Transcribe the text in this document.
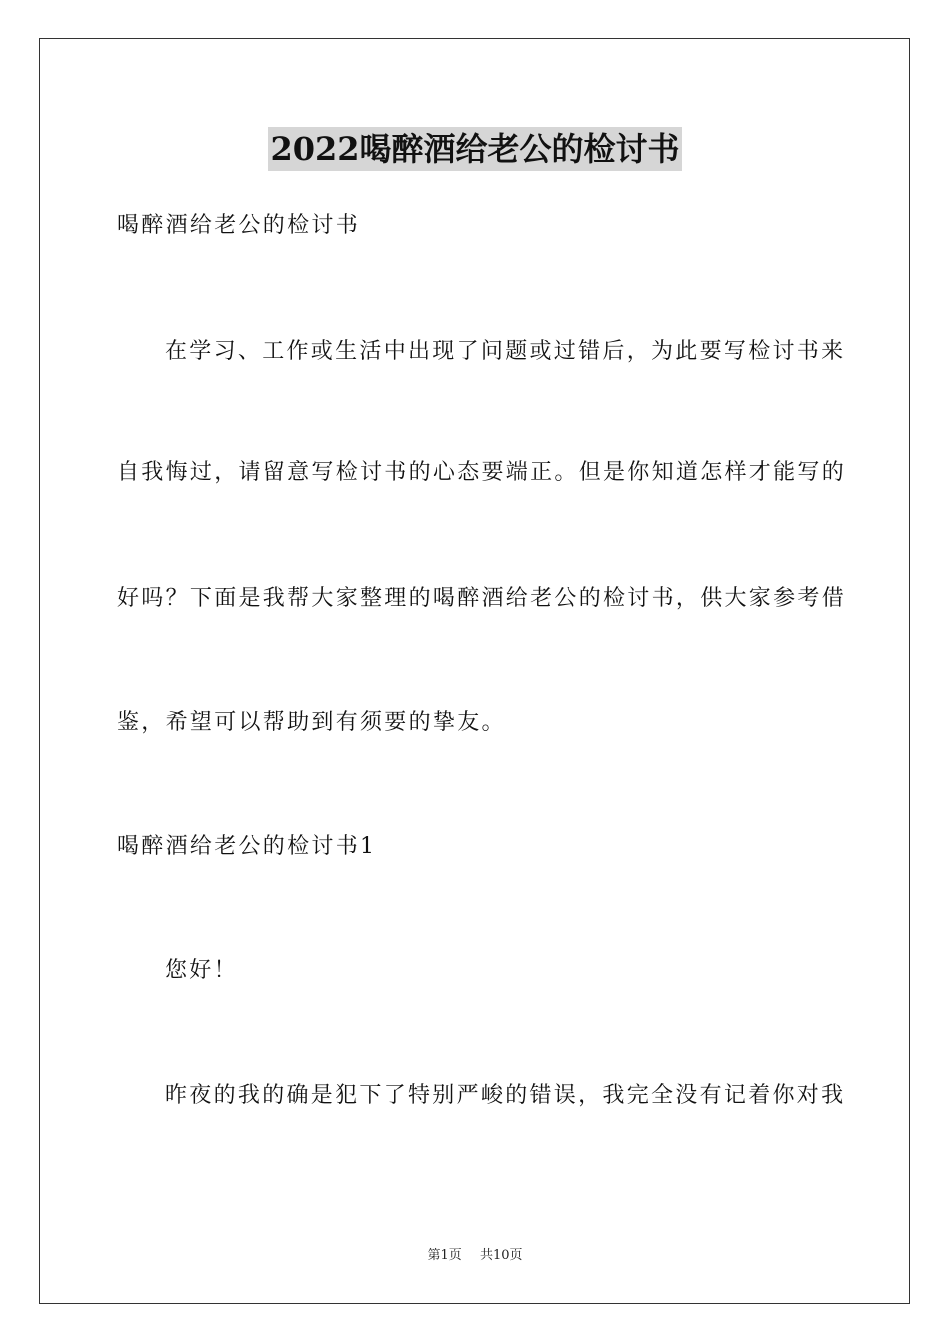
2022喝醉酒给老公的检讨书
喝醉酒给老公的检讨书
在学习、工作或生活中出现了问题或过错后，为此要写检讨书来
自我悔过，请留意写检讨书的心态要端正。但是你知道怎样才能写的
好吗？下面是我帮大家整理的喝醉酒给老公的检讨书，供大家参考借
鉴，希望可以帮助到有须要的挚友。
喝醉酒给老公的检讨书1
您好！
昨夜的我的确是犯下了特别严峻的错误，我完全没有记着你对我
第1页 共10页
